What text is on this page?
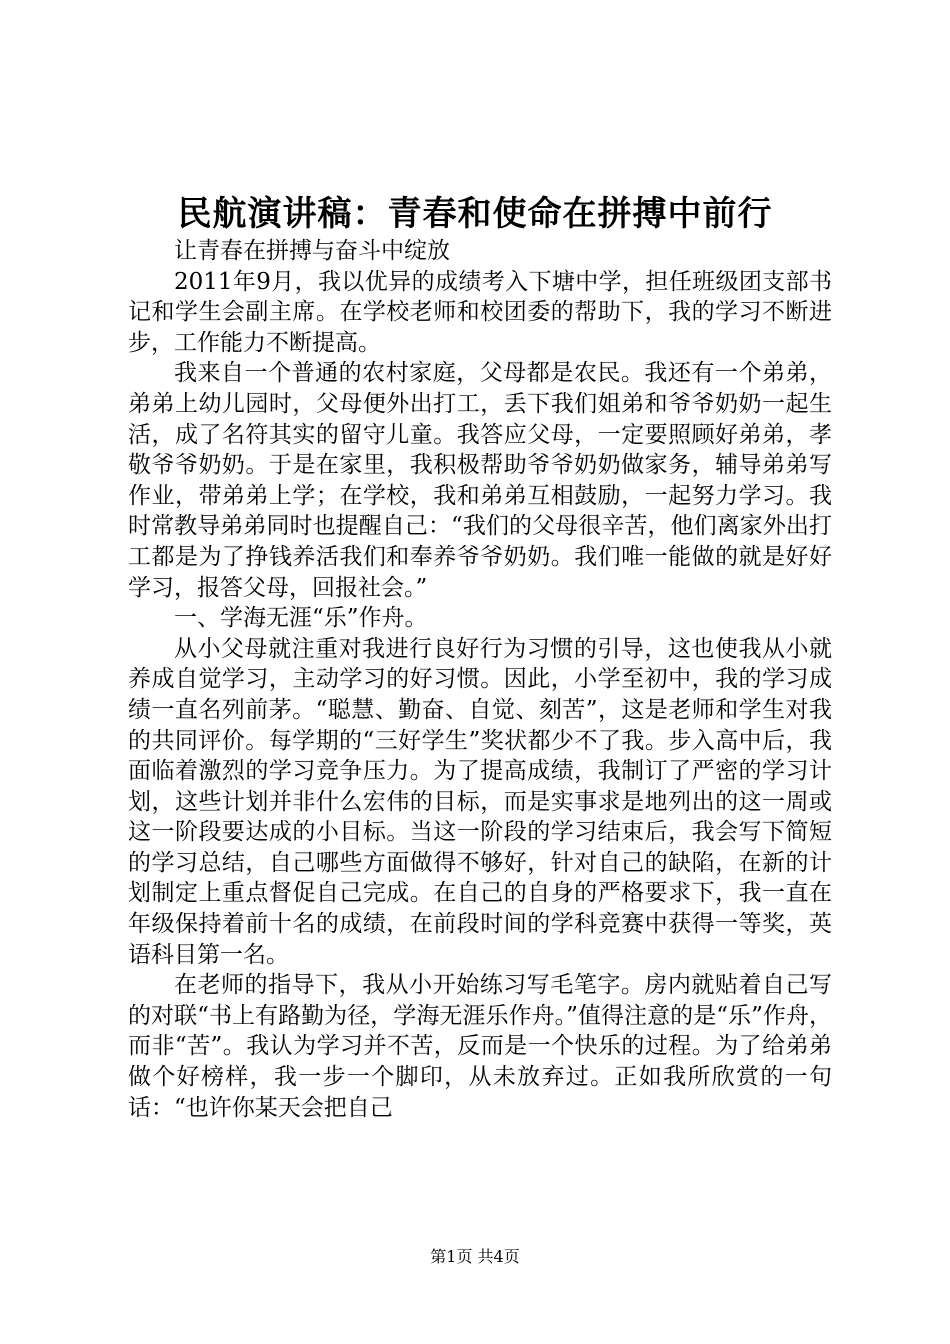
民航演讲稿：青春和使命在拼搏中前行

让青春在拼搏与奋斗中绽放

2011年9月，我以优异的成绩考入下塘中学，担任班级团支部书记和学生会副主席。在学校老师和校团委的帮助下，我的学习不断进步，工作能力不断提高。

我来自一个普通的农村家庭，父母都是农民。我还有一个弟弟，弟弟上幼儿园时，父母便外出打工，丢下我们姐弟和爷爷奶奶一起生活，成了名符其实的留守儿童。我答应父母，一定要照顾好弟弟，孝敬爷爷奶奶。于是在家里，我积极帮助爷爷奶奶做家务，辅导弟弟写作业，带弟弟上学；在学校，我和弟弟互相鼓励，一起努力学习。我时常教导弟弟同时也提醒自己：“我们的父母很辛苦，他们离家外出打工都是为了挣钱养活我们和奉养爷爷奶奶。我们唯一能做的就是好好学习，报答父母，回报社会。”

一、学海无涯“乐”作舟。

从小父母就注重对我进行良好行为习惯的引导，这也使我从小就养成自觉学习，主动学习的好习惯。因此，小学至初中，我的学习成绩一直名列前茅。“聪慧、勤奋、自觉、刻苦”，这是老师和学生对我的共同评价。每学期的“三好学生”奖状都少不了我。步入高中后，我面临着激烈的学习竞争压力。为了提高成绩，我制订了严密的学习计划，这些计划并非什么宏伟的目标，而是实事求是地列出的这一周或这一阶段要达成的小目标。当这一阶段的学习结束后，我会写下简短的学习总结，自己哪些方面做得不够好，针对自己的缺陷，在新的计划制定上重点督促自己完成。在自己的自身的严格要求下，我一直在年级保持着前十名的成绩，在前段时间的学科竞赛中获得一等奖，英语科目第一名。

在老师的指导下，我从小开始练习写毛笔字。房内就贴着自己写的对联“书上有路勤为径，学海无涯乐作舟。”值得注意的是“乐”作舟，而非“苦”。我认为学习并不苦，反而是一个快乐的过程。为了给弟弟做个好榜样，我一步一个脚印，从未放弃过。正如我所欣赏的一句话：“也许你某天会把自己

第1页 共4页
